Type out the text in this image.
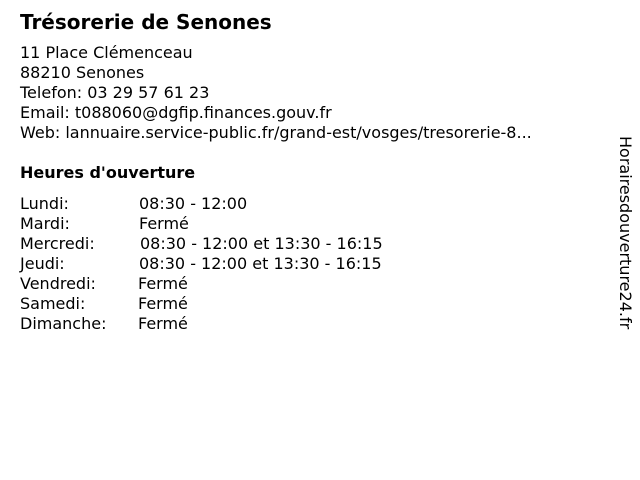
Trésorerie de Senones
11 Place Clémenceau
88210 Senones
Telefon: 03 29 57 61 23
Email: t088060@dgfip.finances.gouv.fr
Web: lannuaire.service-public.fr/grand-est/vosges/tresorerie-8...
Heures d'ouverture
Lundi:	08:30 - 12:00
Mardi:	Fermé
Mercredi:	08:30 - 12:00 et 13:30 - 16:15
Jeudi:	08:30 - 12:00 et 13:30 - 16:15
Vendredi:	Fermé
Samedi:	Fermé
Dimanche: Fermé	Horairesdouverture24.fr
